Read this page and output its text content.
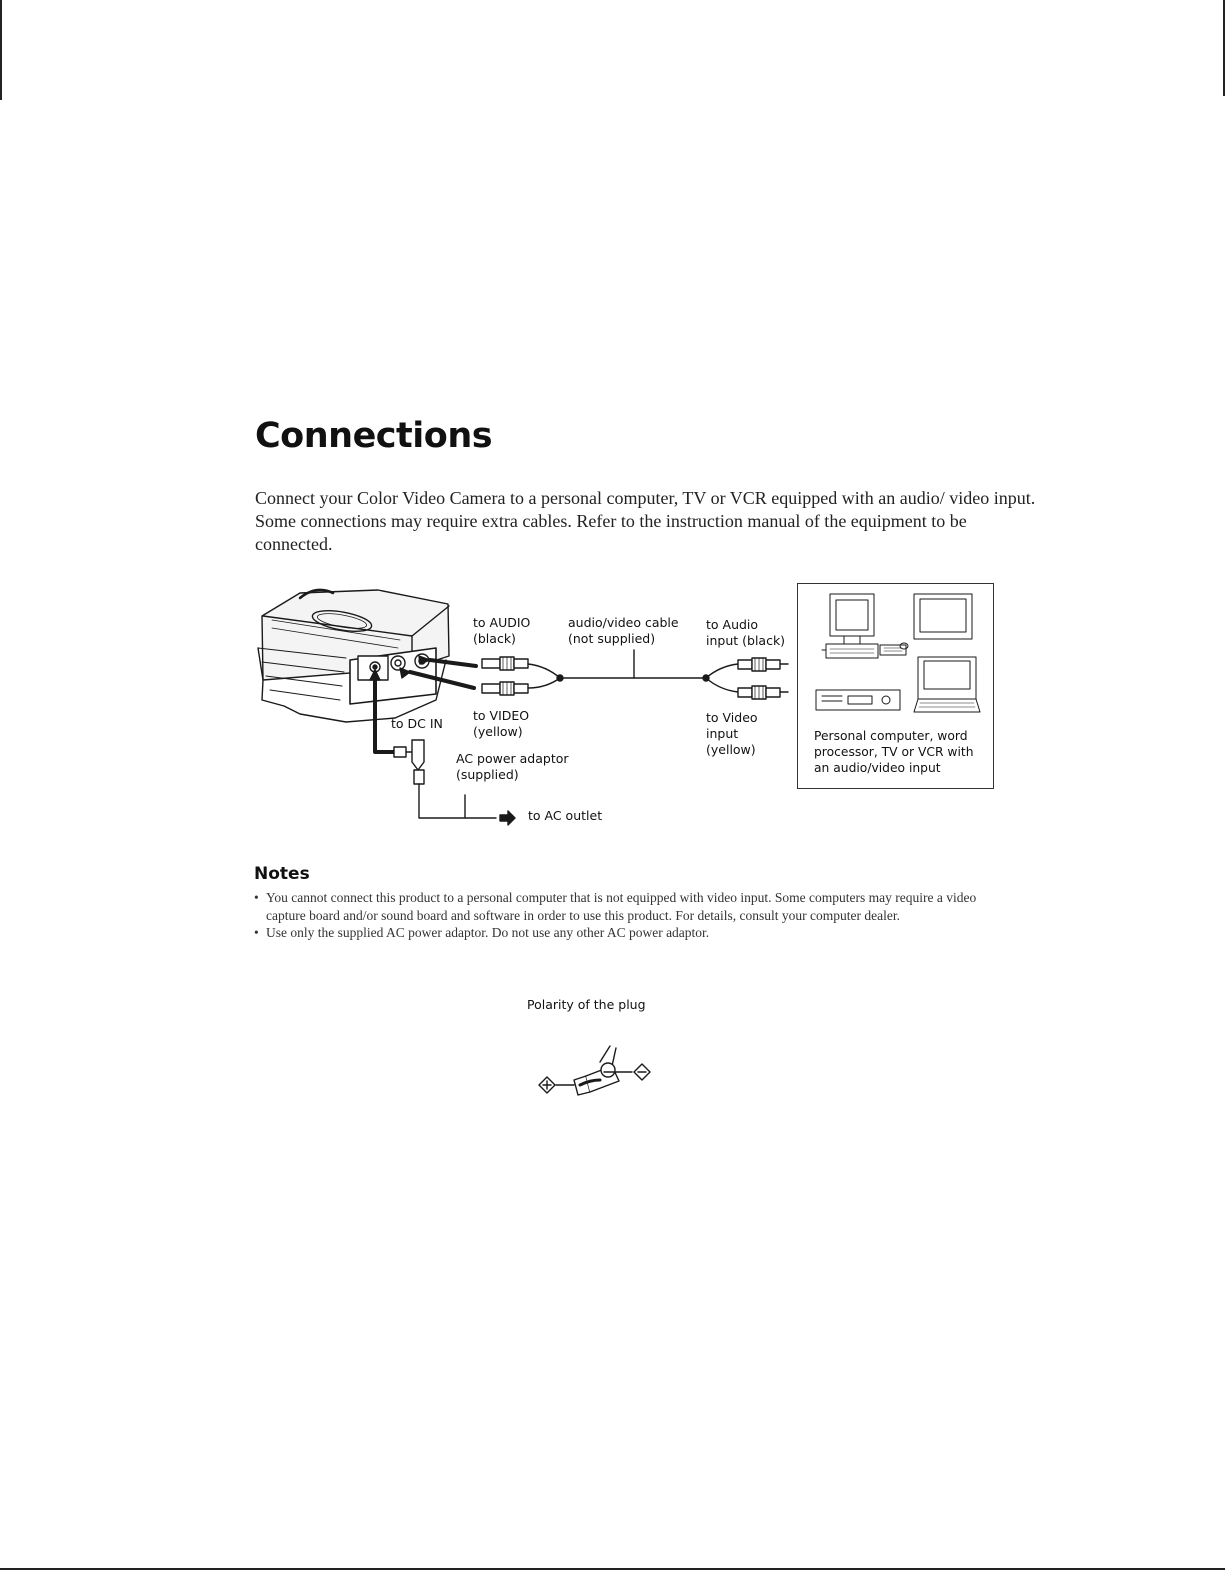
Connections

Connect your Color Video Camera to a personal computer, TV or VCR equipped with an audio/ video input. Some connections may require extra cables. Refer to the instruction manual of the equipment to be connected.

to AUDIO
(black)

audio/video cable
(not supplied)

to Audio
input (black)

to VIDEO
(yellow)

to DC IN

AC power adaptor
(supplied)

to AC outlet

to Video
input
(yellow)

Personal computer, word
processor, TV or VCR with
an audio/video input

Notes
• You cannot connect this product to a personal computer that is not equipped with video input. Some computers may require a video capture board and/or sound board and software in order to use this product. For details, consult your computer dealer.
• Use only the supplied AC power adaptor. Do not use any other AC power adaptor.

Polarity of the plug
